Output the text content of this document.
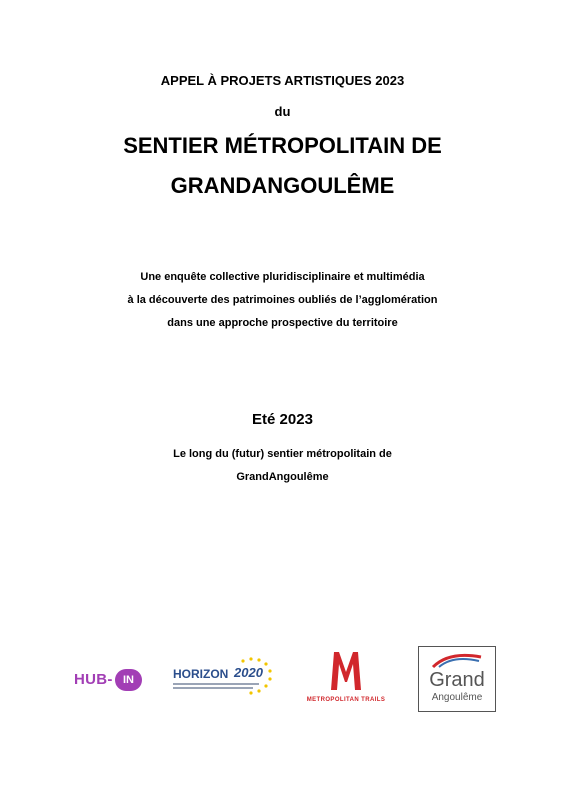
APPEL À PROJETS ARTISTIQUES 2023
du
SENTIER MÉTROPOLITAIN DE
GRANDANGOULÊME
Une enquête collective pluridisciplinaire et multimédia
à la découverte des patrimoines oubliés de l’agglomération
dans une approche prospective du territoire
Eté 2023
Le long du (futur) sentier métropolitain de
GrandAngoulême
HUB- IN	HORIZON 2020
METROPOLITAN TRAILS
Grand
Angoulême
